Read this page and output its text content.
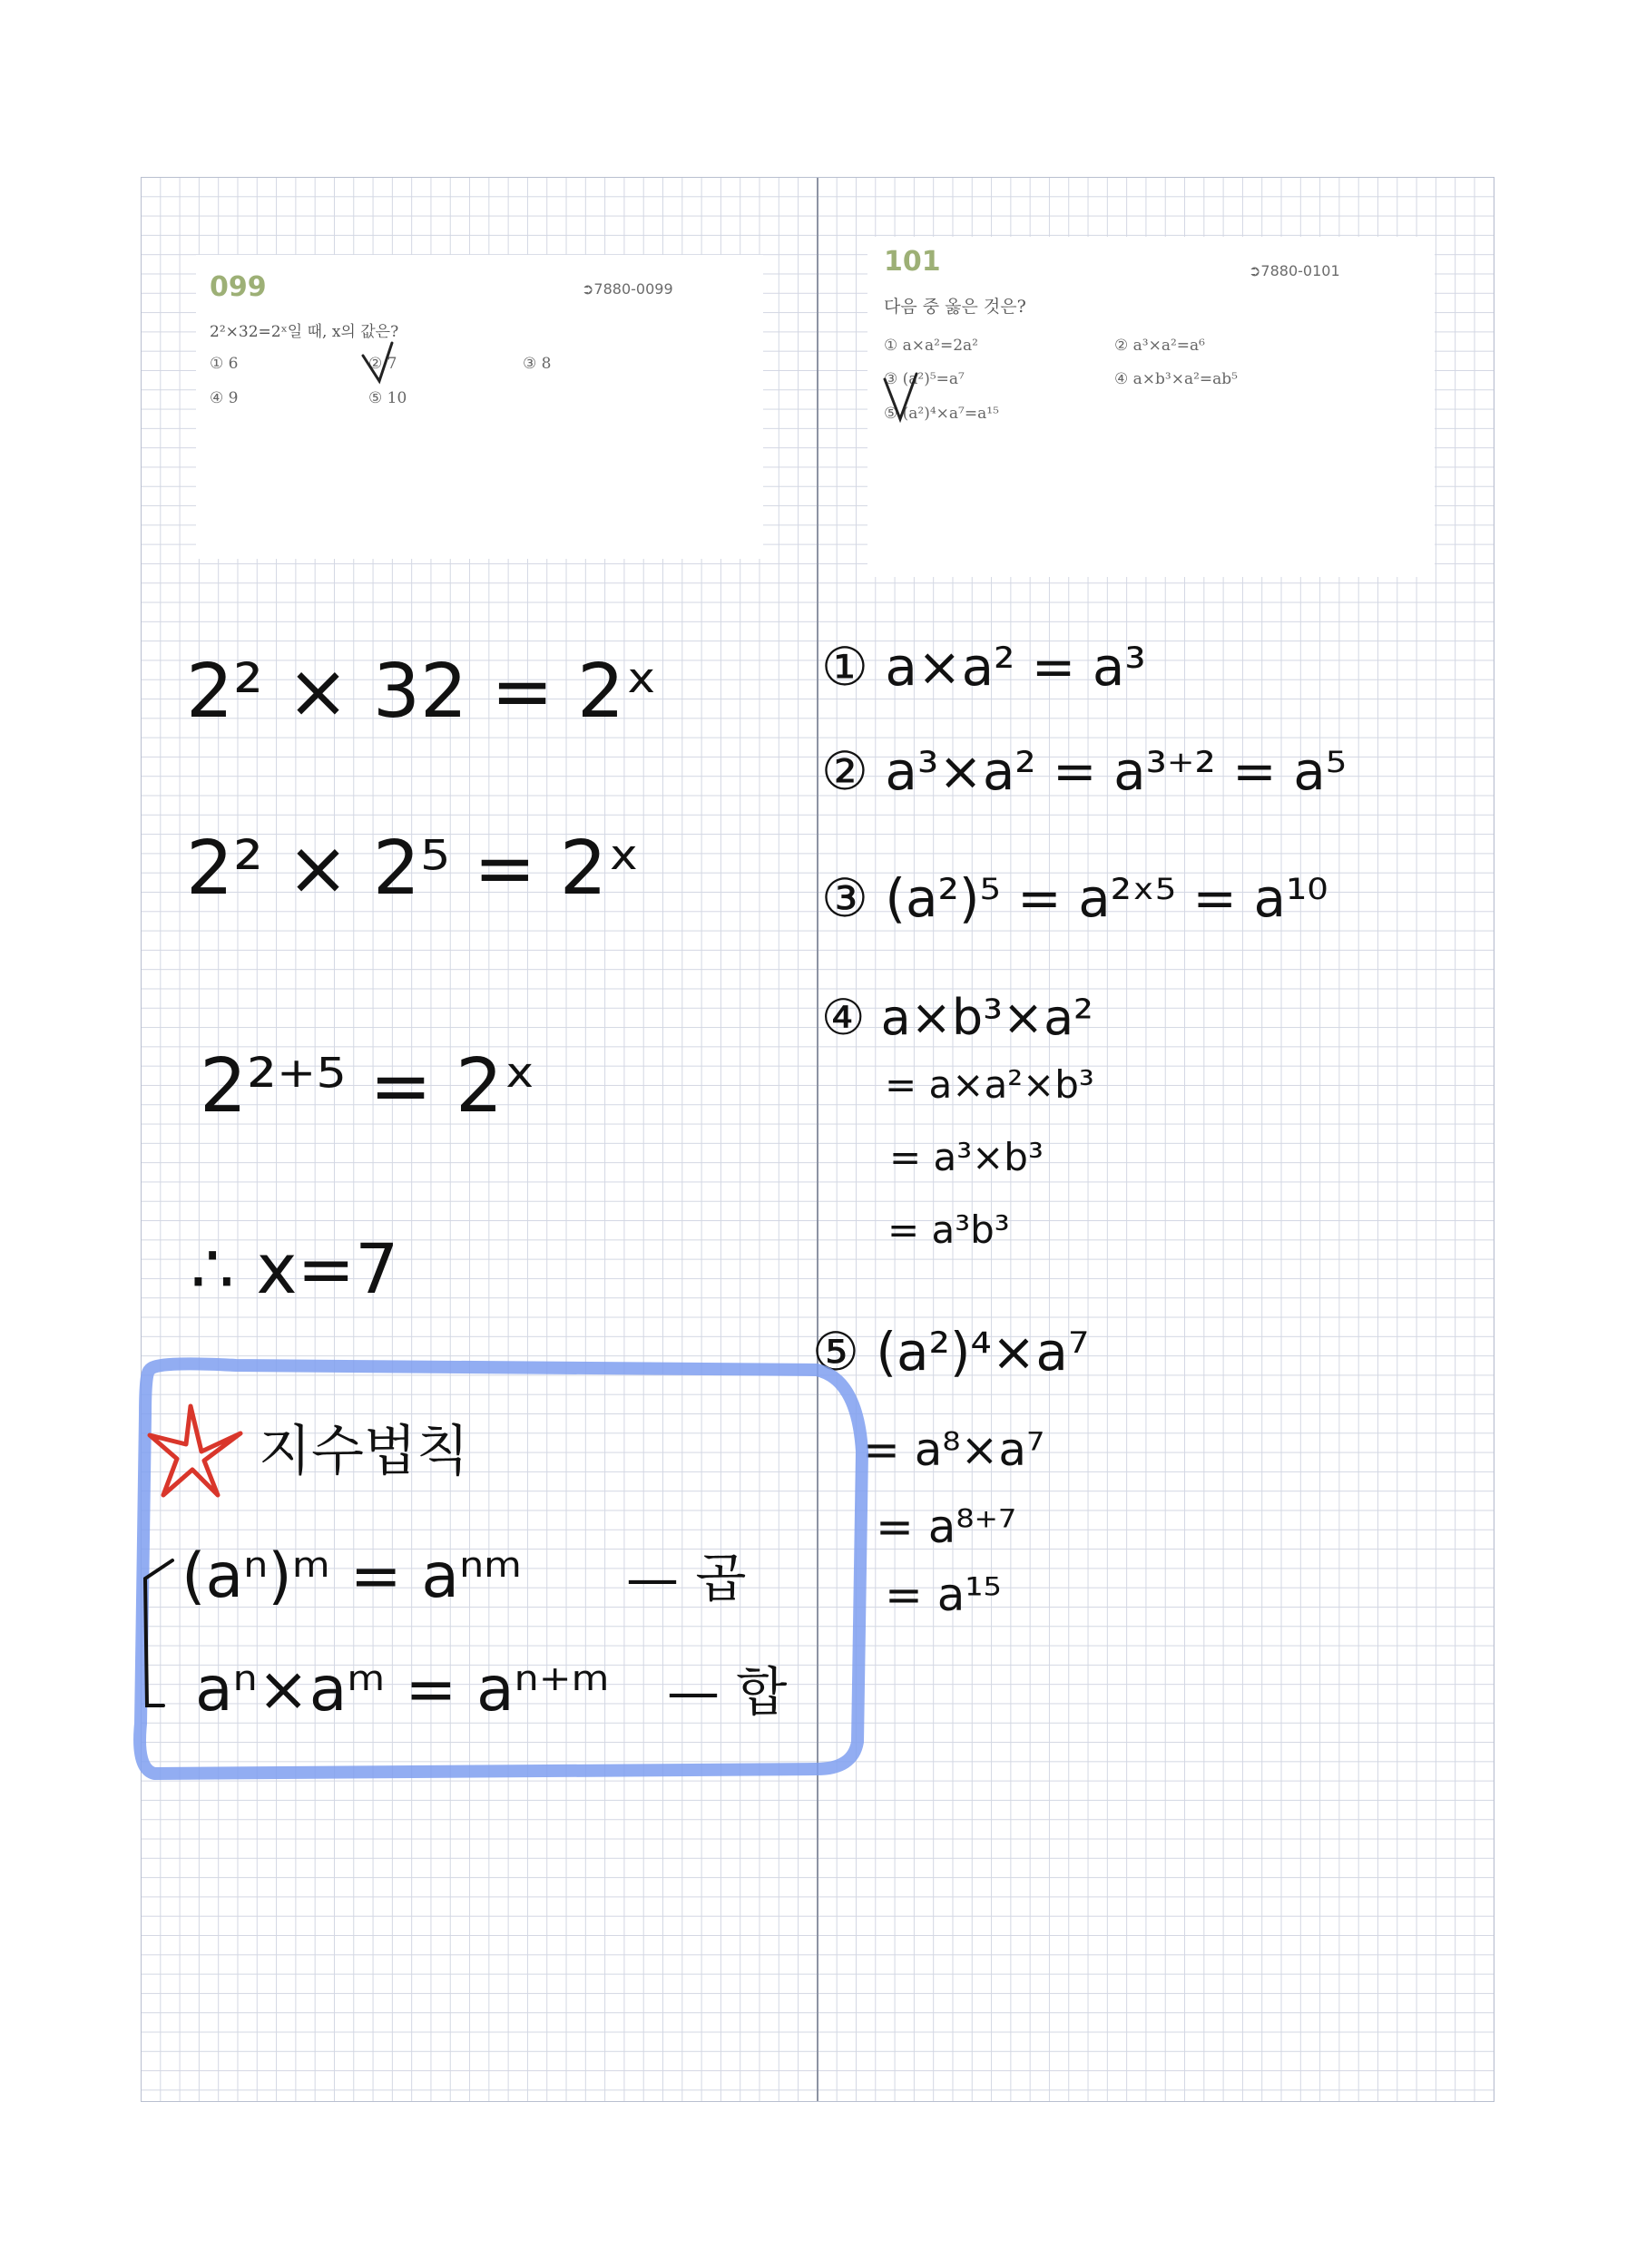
099	➲7880-0099
2²×32=2ˣ일 때, x의 값은?
① 6	② 7	③ 8
④ 9	⑤ 10
101	➲7880-0101
다음 중 옳은 것은?
① a×a²=2a²	② a³×a²=a⁶
③ (a²)⁵=a⁷	④ a×b³×a²=ab⁵
⑤ (a²)⁴×a⁷=a¹⁵
2² × 32 = 2ˣ
2² × 2⁵ = 2ˣ
2²⁺⁵ = 2ˣ
∴ x=7
① a×a² = a³
② a³×a² = a³⁺² = a⁵
③ (a²)⁵ = a²ˣ⁵ = a¹⁰
④ a×b³×a²
= a×a²×b³
= a³×b³
= a³b³
⑤ (a²)⁴×a⁷
= a⁸×a⁷
= a⁸⁺⁷
= a¹⁵
지수법칙
(aⁿ)ᵐ = aⁿᵐ — 곱
aⁿ×aᵐ = aⁿ⁺ᵐ — 합
